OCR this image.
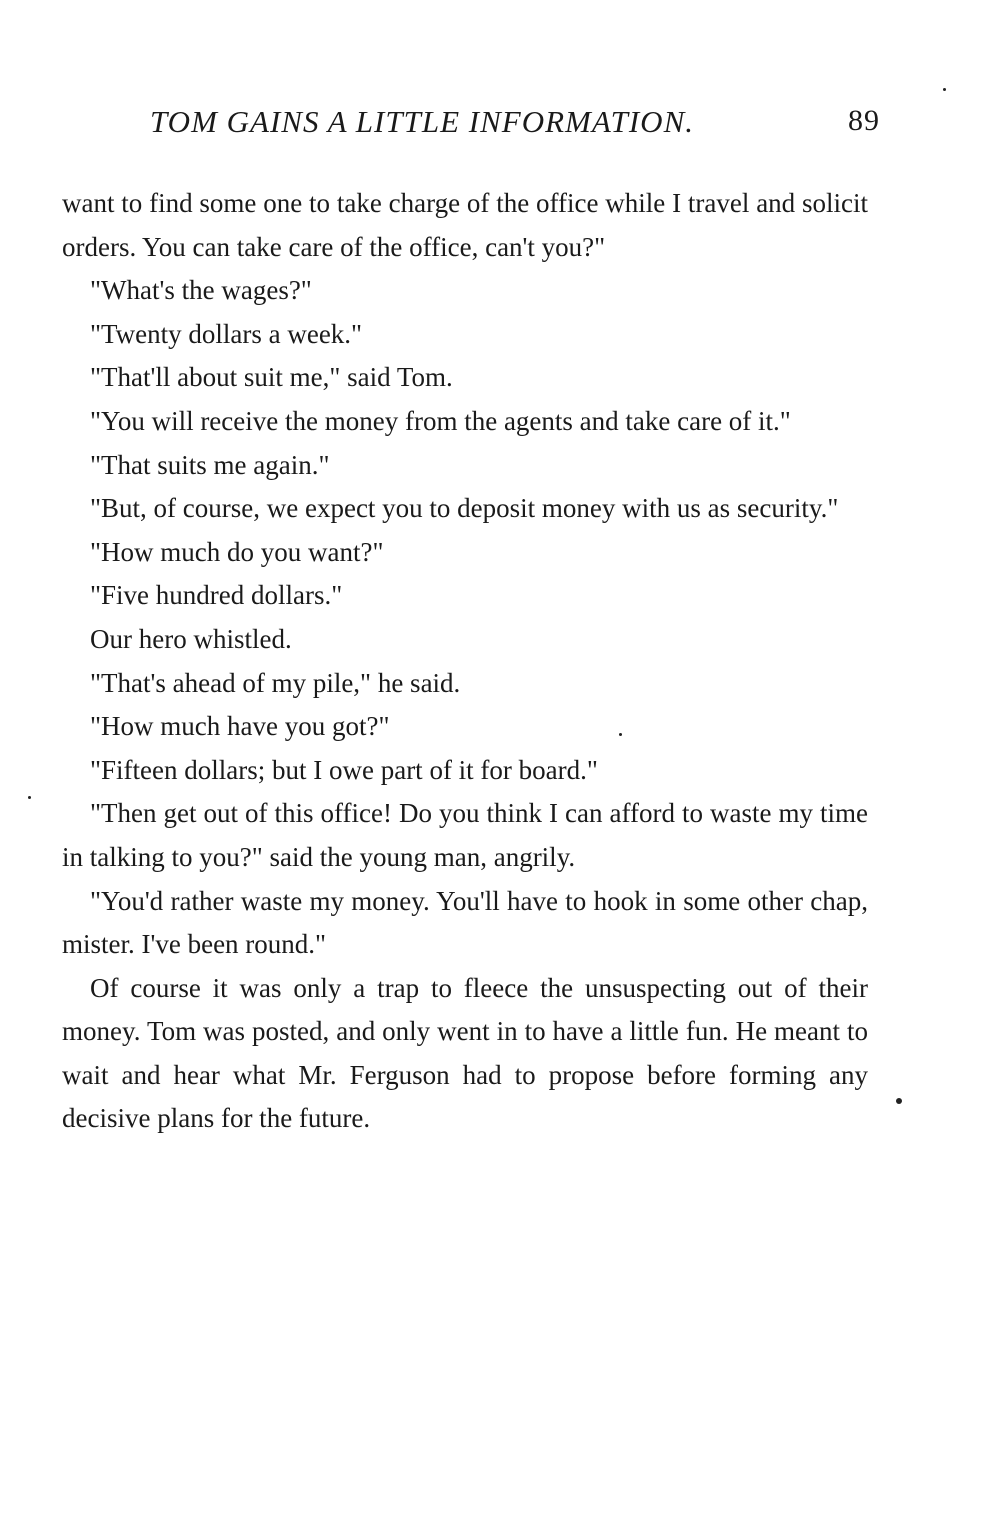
TOM GAINS A LITTLE INFORMATION.	89

want to find some one to take charge of the office while I travel and solicit orders. You can take care of the office, can't you?"

"What's the wages?"

"Twenty dollars a week."

"That'll about suit me," said Tom.

"You will receive the money from the agents and take care of it."

"That suits me again."

"But, of course, we expect you to deposit money with us as security."

"How much do you want?"

"Five hundred dollars."

Our hero whistled.

"That's ahead of my pile," he said.

"How much have you got?"

"Fifteen dollars; but I owe part of it for board."

"Then get out of this office! Do you think I can afford to waste my time in talking to you?" said the young man, angrily.

"You'd rather waste my money. You'll have to hook in some other chap, mister. I've been round."

Of course it was only a trap to fleece the unsuspecting out of their money. Tom was posted, and only went in to have a little fun. He meant to wait and hear what Mr. Ferguson had to propose before forming any decisive plans for the future.
